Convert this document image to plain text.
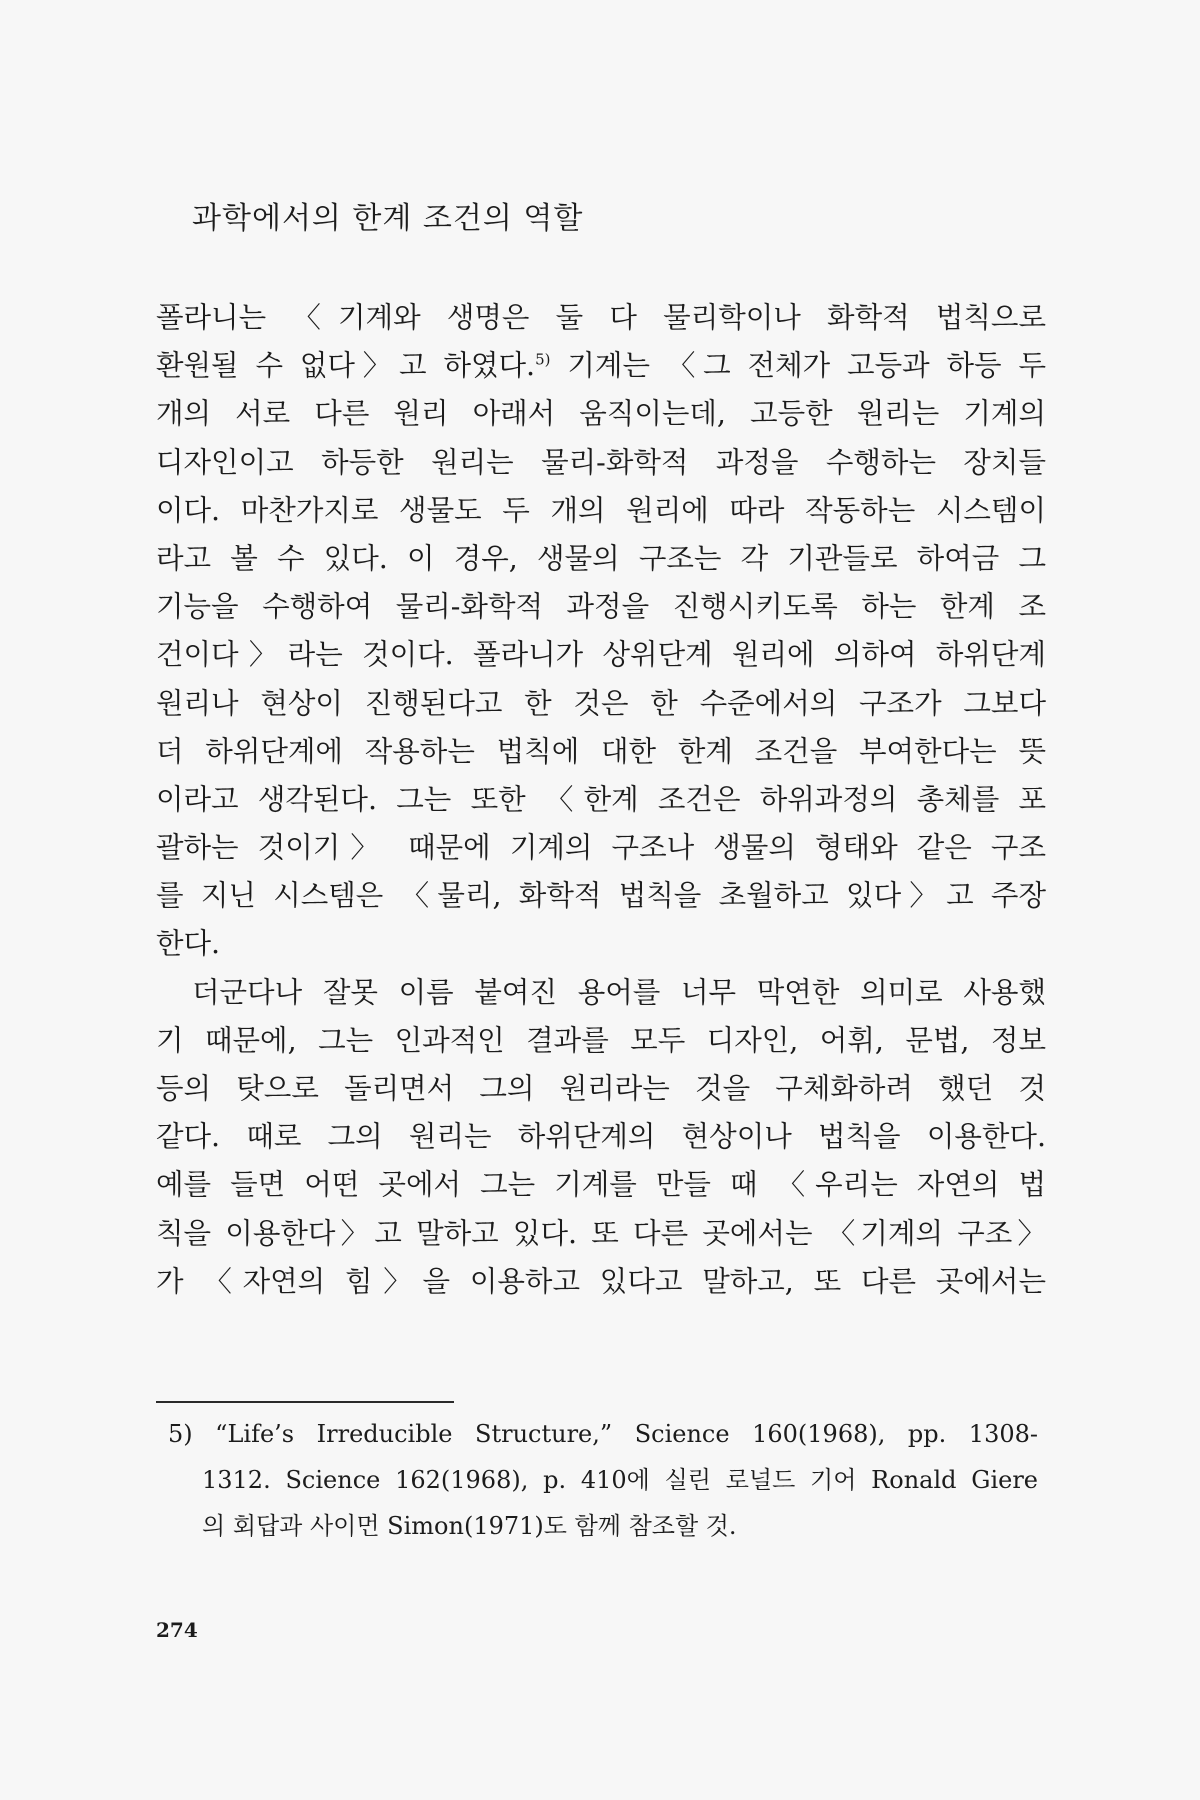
과학에서의 한계 조건의 역할
폴라니는 〈기계와 생명은 둘 다 물리학이나 화학적 법칙으로
환원될 수 없다〉고 하였다.$^{5)}$ 기계는 〈그 전체가 고등과 하등 두
개의 서로 다른 원리 아래서 움직이는데, 고등한 원리는 기계의
디자인이고 하등한 원리는 물리-화학적 과정을 수행하는 장치들
이다. 마찬가지로 생물도 두 개의 원리에 따라 작동하는 시스템이
라고 볼 수 있다. 이 경우, 생물의 구조는 각 기관들로 하여금 그
기능을 수행하여 물리-화학적 과정을 진행시키도록 하는 한계 조
건이다〉라는 것이다. 폴라니가 상위단계 원리에 의하여 하위단계
원리나 현상이 진행된다고 한 것은 한 수준에서의 구조가 그보다
더 하위단계에 작용하는 법칙에 대한 한계 조건을 부여한다는 뜻
이라고 생각된다. 그는 또한 〈한계 조건은 하위과정의 총체를 포
괄하는 것이기〉 때문에 기계의 구조나 생물의 형태와 같은 구조
를 지닌 시스템은 〈물리, 화학적 법칙을 초월하고 있다〉고 주장
한다.
더군다나 잘못 이름 붙여진 용어를 너무 막연한 의미로 사용했
기 때문에, 그는 인과적인 결과를 모두 디자인, 어휘, 문법, 정보
등의 탓으로 돌리면서 그의 원리라는 것을 구체화하려 했던 것
같다. 때로 그의 원리는 하위단계의 현상이나 법칙을 이용한다.
예를 들면 어떤 곳에서 그는 기계를 만들 때 〈우리는 자연의 법
칙을 이용한다〉고 말하고 있다. 또 다른 곳에서는 〈기계의 구조〉
가 〈자연의 힘〉을 이용하고 있다고 말하고, 또 다른 곳에서는
5) “Life’s Irreducible Structure,” Science 160(1968), pp. 1308-
1312. Science 162(1968), p. 410에 실린 로널드 기어 Ronald Giere
의 회답과 사이먼 Simon(1971)도 함께 참조할 것.
274
